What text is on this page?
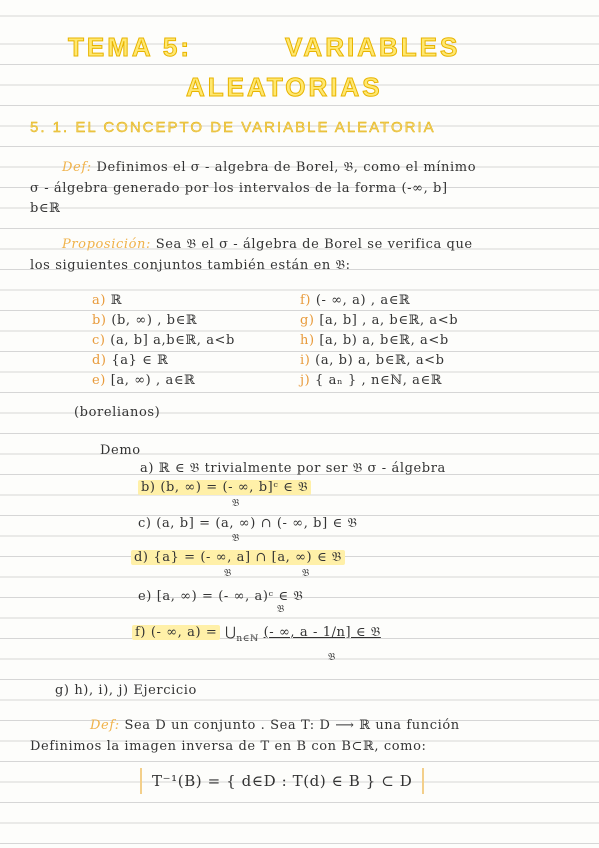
TEMA 5:	VARIABLES
ALEATORIAS
5. 1. EL CONCEPTO DE VARIABLE ALEATORIA
Def: Definimos el σ - algebra de Borel, 𝔅, como el mínimo
σ - álgebra generado por los intervalos de la forma (-∞, b]
b∈ℝ
Proposición: Sea 𝔅 el σ - álgebra de Borel se verifica que
los siguientes conjuntos también están en 𝔅:
a) ℝ
b) (b, ∞) , b∈ℝ
c) (a, b] a,b∈ℝ, a<b
d) {a} ∈ ℝ
e) [a, ∞) , a∈ℝ
f) (- ∞, a) , a∈ℝ
g) [a, b] , a, b∈ℝ, a<b
h) [a, b) a, b∈ℝ, a<b
i) (a, b) a, b∈ℝ, a<b
j) { aₙ } , n∈ℕ, a∈ℝ
(borelianos)
Demo
a) ℝ ∈ 𝔅 trivialmente por ser 𝔅 σ - álgebra
b) (b, ∞) = (- ∞, b]ᶜ ∈ 𝔅
𝔅
c) (a, b] = (a, ∞) ∩ (- ∞, b] ∈ 𝔅
𝔅
d) {a} = (- ∞, a] ∩ [a, ∞) ∈ 𝔅
𝔅	𝔅
e) [a, ∞) = (- ∞, a)ᶜ ∈ 𝔅
𝔅
f) (- ∞, $a) = ⋃_{n\in ℕ}$ (- ∞, a - 1/n] ∈ 𝔅
𝔅
g) h), i), j) Ejercicio
Def: Sea D un conjunto . Sea T: D ⟶ ℝ una función
Definimos la imagen inversa de T en B con B⊂ℝ, como:
T⁻¹(B) = { d∈D : T(d) ∈ B } ⊂ D
